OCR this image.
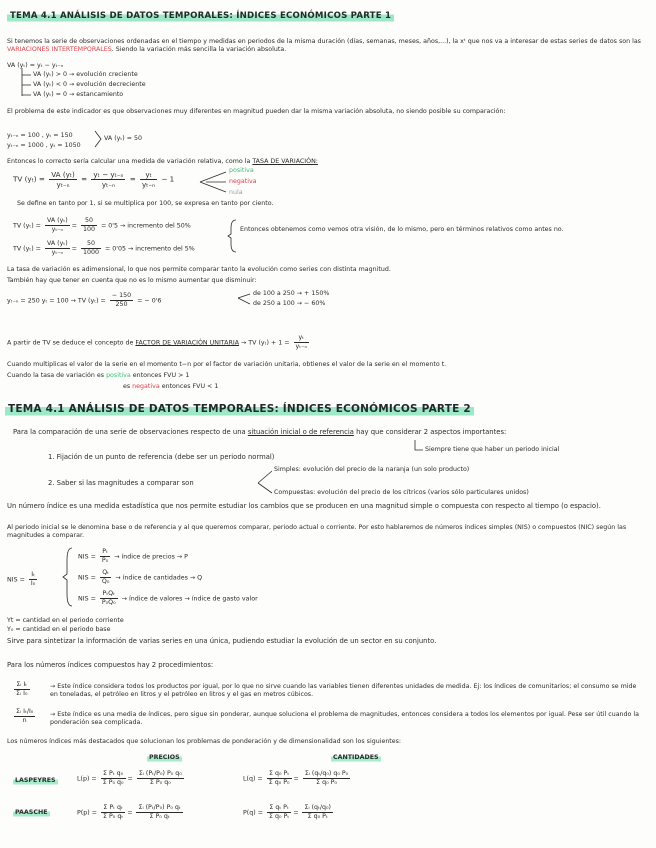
TEMA 4.1 ANÁLISIS DE DATOS TEMPORALES: ÍNDICES ECONÓMICOS PARTE 1
Si tenemos la serie de observaciones ordenadas en el tiempo y medidas en periodos de la misma duración (días, semanas, meses, años,...), la xᵗ que nos va a interesar de estas series de datos son las VARIACIONES INTERTEMPORALES. Siendo la variación más sencilla la variación absoluta.
VA (yₜ) = yₜ − yₜ₋ₙ
VA (yₜ) > 0 → evolución creciente
VA (yₜ) < 0 → evolución decreciente
VA (yₜ) = 0 → estancamiento
El problema de este indicador es que observaciones muy diferentes en magnitud pueden dar la misma variación absoluta, no siendo posible su comparación:
yₜ₋ₙ = 100 , yₜ = 150
yₜ₋ₙ = 1000 , yₜ = 1050
VA (yₜ) = 50
Entonces lo correcto sería calcular una medida de variación relativa, como la TASA DE VARIACIÓN:
TV $(y_t) = \frac{\text{VA (yₜ)}}{\text{yₜ₋ₙ}} = \frac{\text{yₜ − yₜ₋ₙ}}{\text{yₜ₋ₙ}} = \frac{\text{yₜ}}{\text{yₜ₋ₙ}} - 1$
positiva
negativa
nula
Se define en tanto por 1, si se multiplica por 100, se expresa en tanto por ciento.
TV $(y_t) = \frac{\text{VA (yₜ)}}{\text{yₜ₋ₙ}} = \frac{50}{100} = 0'5$ → incremento del 50%
TV $(y_t) = \frac{\text{VA (yₜ)}}{\text{yₜ₋ₙ}} = \frac{50}{1000} = 0'05$ → incremento del 5%
Entonces obtenemos como vemos otra visión, de lo mismo, pero en términos relativos como antes no.
La tasa de variación es adimensional, lo que nos permite comparar tanto la evolución como series con distinta magnitud.
También hay que tener en cuenta que no es lo mismo aumentar que disminuir:
yₜ₋ₙ = 250 yₜ = 100 → TV $(y_t) = \frac{- 150}{250}$ = − 0'6
de 100 a 250 → + 150%
de 250 a 100 → − 60%
A partir de TV se deduce el concepto de FACTOR DE VARIACIÓN UNITARIA → TV $(y_t) + 1 = \frac{\text{yₜ}}{\text{yₜ₋ₙ}}$
Cuando multiplicas el valor de la serie en el momento t−n por el factor de variación unitaria, obtienes el valor de la serie en el momento t.
Cuando la tasa de variación es positiva entonces FVU > 1
es negativa entonces FVU < 1
TEMA 4.1 ANÁLISIS DE DATOS TEMPORALES: ÍNDICES ECONÓMICOS PARTE 2
Para la comparación de una serie de observaciones respecto de una situación inicial o de referencia hay que considerar 2 aspectos importantes:
Siempre tiene que haber un periodo inicial
1. Fijación de un punto de referencia (debe ser un periodo normal)
2. Saber si las magnitudes a comparar son
Simples: evolución del precio de la naranja (un solo producto)
Compuestas: evolución del precio de los cítricos (varios sólo particulares unidos)
Un número índice es una medida estadística que nos permite estudiar los cambios que se producen en una magnitud simple o compuesta con respecto al tiempo (o espacio).
Al periodo inicial se le denomina base o de referencia y al que queremos comparar, periodo actual o corriente. Por esto hablaremos de números índices simples (NIS) o compuestos (NIC) según las magnitudes a comparar.
NIS = $\frac{\text{Iₜ}}{\text{I₀}}$
NIS = $\frac{\text{Pₜ}}{\text{P₀}}$ → índice de precios → P
NIS = $\frac{\text{Qₜ}}{\text{Q₀}}$ → índice de cantidades → Q
NIS = $\frac{\text{PₜQₜ}}{\text{P₀Q₀}}$ → índice de valores → índice de gasto valor
Yt = cantidad en el periodo corriente
Y₀ = cantidad en el periodo base
Sirve para sintetizar la información de varias series en una única, pudiendo estudiar la evolución de un sector en su conjunto.
Para los números índices compuestos hay 2 procedimientos:
$\frac{\text{Σᵢ Iₜ}}{\text{Σᵢ I₀}}$	→ Este índice considera todos los productos por igual, por lo que no sirve cuando las variables tienen diferentes unidades de medida. Ej: los índices de comunitarios; el consumo se mide en toneladas, el petróleo en litros y el petróleo en litros y el gas en metros cúbicos.
$\frac{\text{Σᵢ Iₜ/I₀}}{n}$ → Este índice es una media de índices, pero sigue sin ponderar, aunque soluciona el problema de magnitudes, entonces considera a todos los elementos por igual. Pese ser útil cuando la ponderación sea complicada.
Los números índices más destacados que solucionan los problemas de ponderación y de dimensionalidad son los siguientes:
PRECIOS	CANTIDADES
LASPEYRES
PAASCHE
$L(p) = \frac{\text{Σ Pₜ q₀}}{\text{Σ P₀ q₀}} = \frac{\text{Σᵢ (Pₜ/P₀) P₀ q₀}}{\text{Σ P₀ q₀}}$	$L(q) = \frac{\text{Σ q₀ Pₜ}}{\text{Σ q₀ P₀}} = \frac{\text{Σᵢ (qₜ/q₀) q₀ P₀}}{\text{Σ q₀ P₀}}$
$P(p) = \frac{\text{Σ Pₜ qₜ}}{\text{Σ P₀ qₜ}} = \frac{\text{Σᵢ (Pₜ/P₀) P₀ qₜ}}{\text{Σ P₀ qₜ}}$	$P(q) = \frac{\text{Σ qₜ Pₜ}}{\text{Σ q₀ Pₜ}} = \frac{\text{Σᵢ (qₜ/q₀)}}{\text{Σ q₀ Pₜ}}$
